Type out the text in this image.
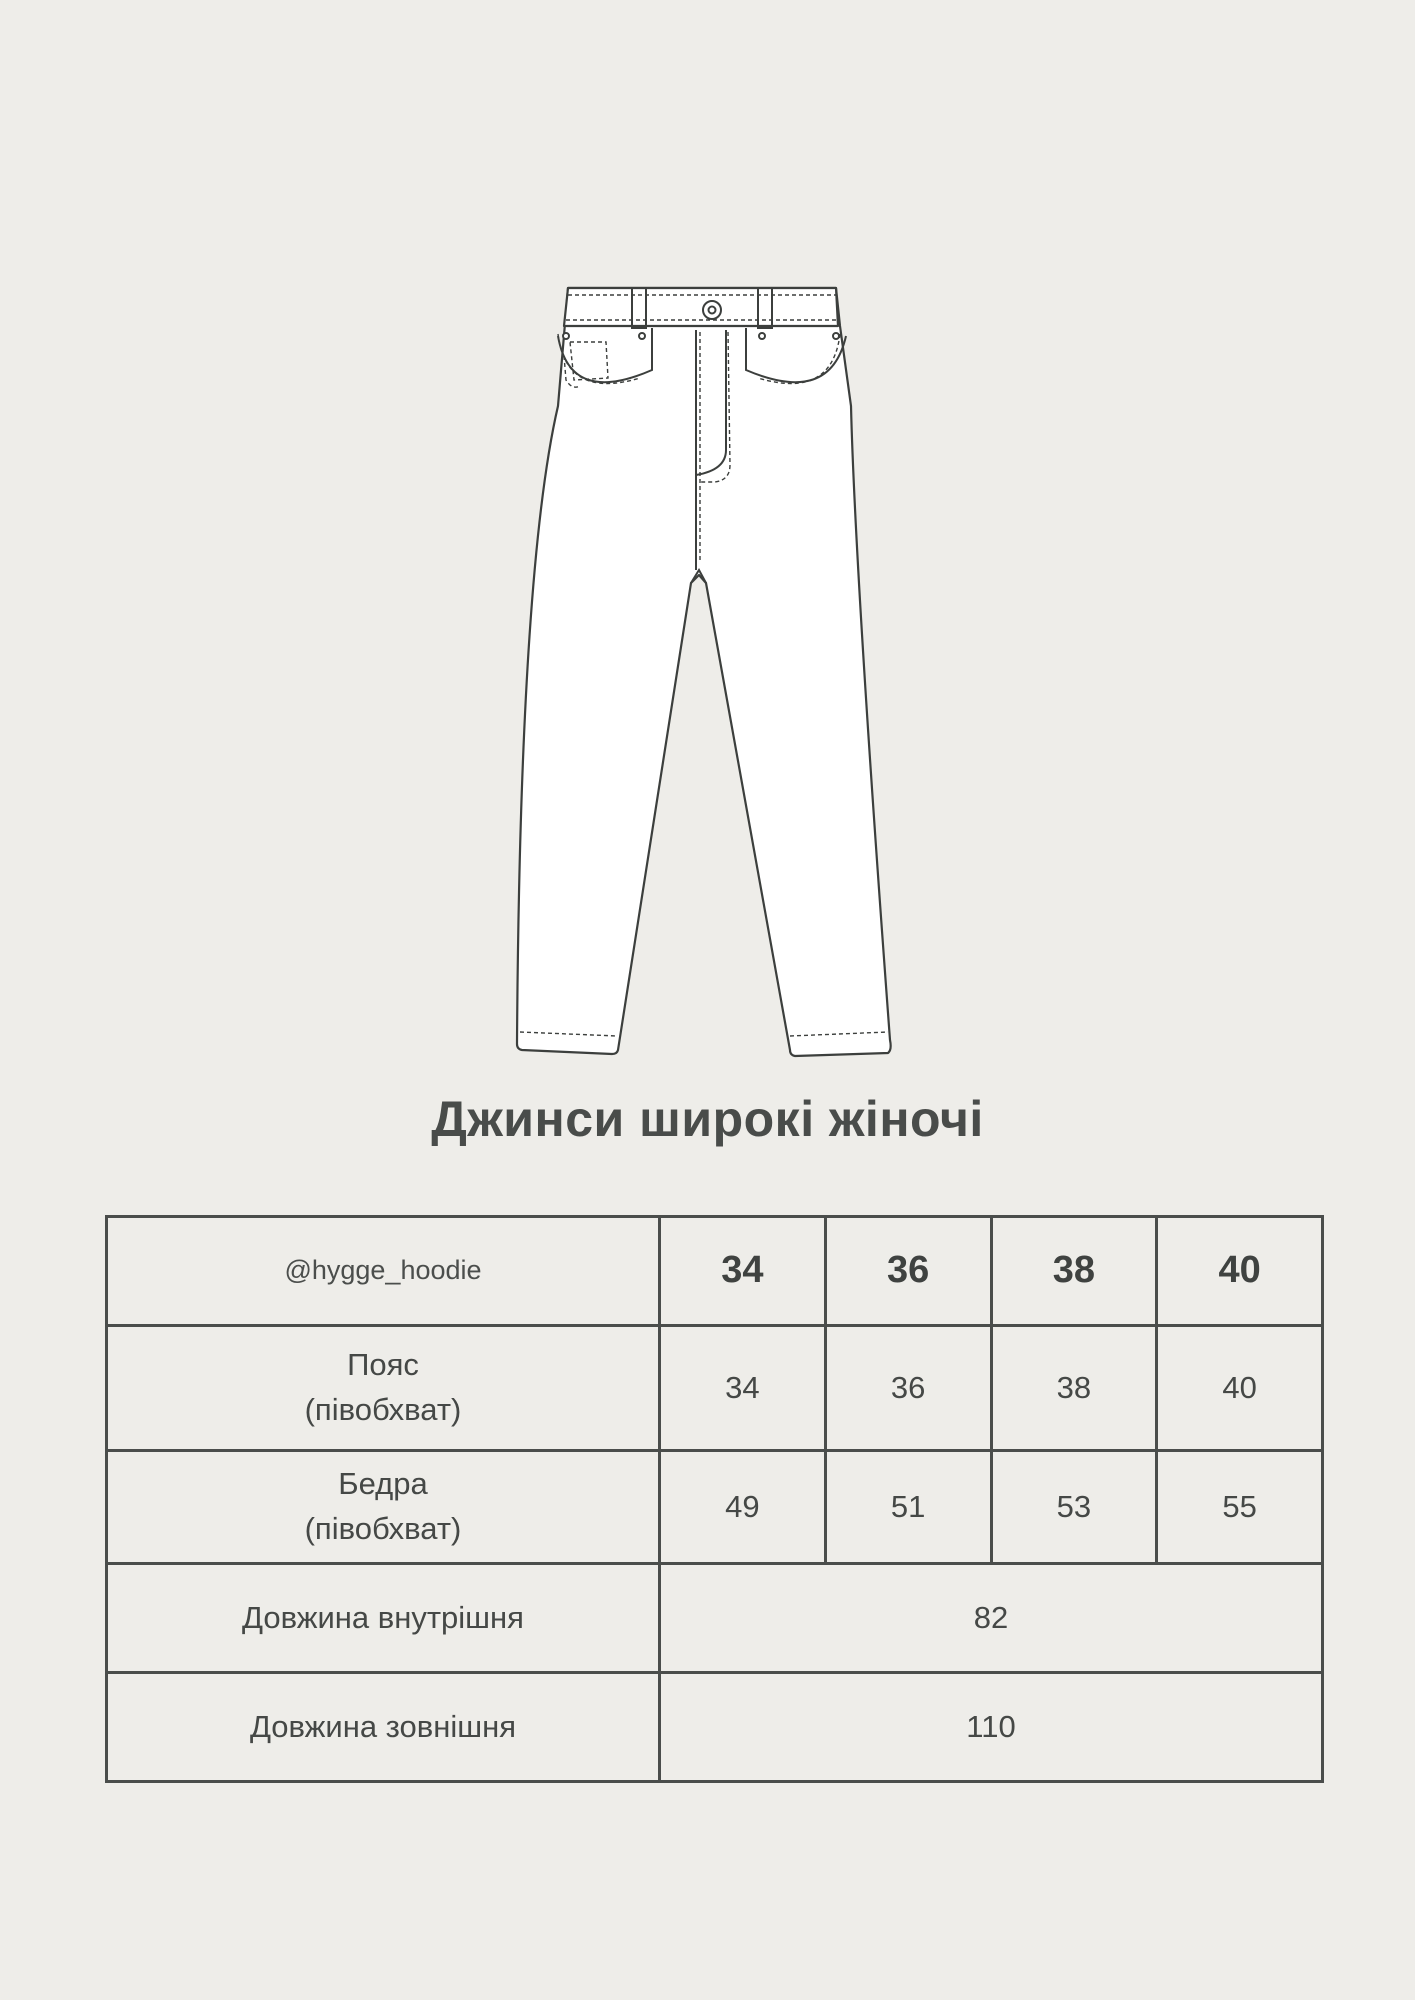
Джинси широкі жіночі
@hygge_hoodie	34	36	38	40

Пояс
(півобхват)	34	36	38	40

Бедра
(півобхват)	49	51	53	55
Довжина внутрішня	82			
Довжина зовнішня	110			
